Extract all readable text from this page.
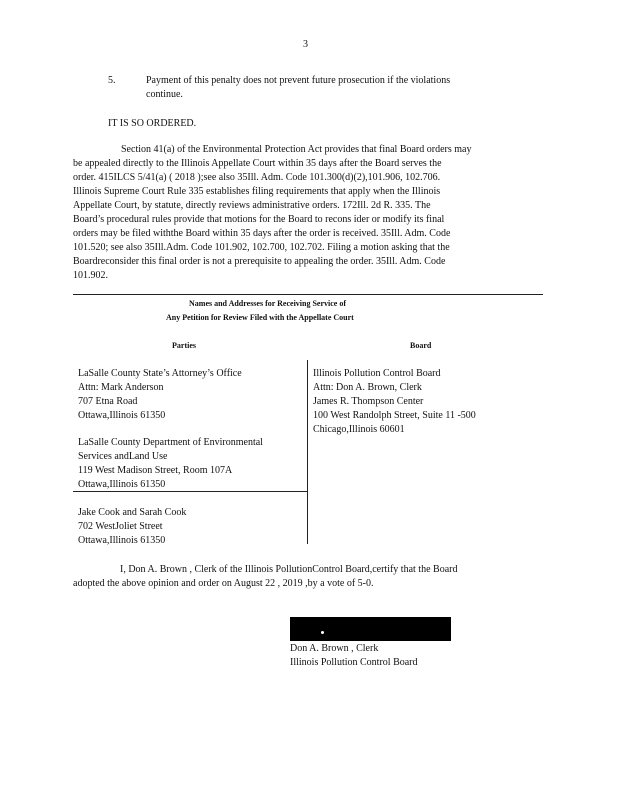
3
5.	Payment of this penalty does not prevent future prosecution if the violations
continue.
IT IS SO ORDERED.
Section 41(a) of the Environmental Protection Act provides that final Board orders may
be appealed directly to the Illinois Appellate Court within 35 days after the Board serves the
order. 415ILCS 5/41(a) ( 2018 );see also 35Ill. Adm. Code 101.300(d)(2),101.906, 102.706.
Illinois Supreme Court Rule 335 establishes filing requirements that apply when the Illinois
Appellate Court, by statute, directly reviews administrative orders. 172Ill. 2d R. 335. The
Board’s procedural rules provide that motions for the Board to recons ider or modify its final
orders may be filed withthe Board within 35 days after the order is received. 35Ill. Adm. Code
101.520; see also 35Ill.Adm. Code 101.902, 102.700, 102.702. Filing a motion asking that the
Boardreconsider this final order is not a prerequisite to appealing the order. 35Ill. Adm. Code
101.902.
Names and Addresses for Receiving Service of
Any Petition for Review Filed with the Appellate Court
Parties	Board
LaSalle County State’s Attorney’s Office
Attn: Mark Anderson
707 Etna Road
Ottawa,Illinois 61350
LaSalle County Department of Environmental
Services andLand Use
119 West Madison Street, Room 107A
Ottawa,Illinois 61350
Jake Cook and Sarah Cook
702 WestJoliet Street
Ottawa,Illinois 61350
Illinois Pollution Control Board
Attn: Don A. Brown, Clerk
James R. Thompson Center
100 West Randolph Street, Suite 11 -500
Chicago,Illinois 60601
I, Don A. Brown , Clerk of the Illinois PollutionControl Board,certify that the Board
adopted the above opinion and order on August 22 , 2019 ,by a vote of 5-0.
Don A. Brown , Clerk
Illinois Pollution Control Board
